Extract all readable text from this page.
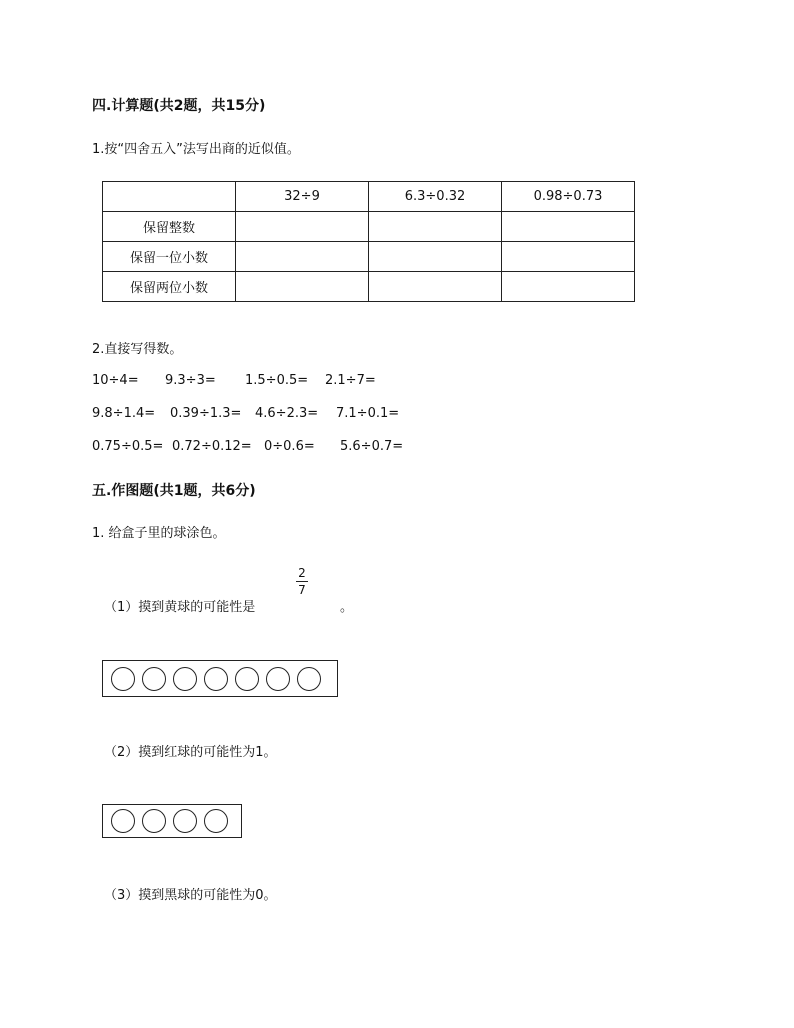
四.计算题(共2题，共15分)
1.按“四舍五入”法写出商的近似值。
	32÷9	6.3÷0.32	0.98÷0.73
保留整数			
保留一位小数			
保留两位小数			
2.直接写得数。
10÷4= 9.3÷3= 1.5÷0.5= 2.1÷7=
9.8÷1.4= 0.39÷1.3= 4.6÷2.3= 7.1÷0.1=
0.75÷0.5= 0.72÷0.12= 0÷0.6= 5.6÷0.7=
五.作图题(共1题，共6分)
1. 给盒子里的球涂色。
（1）摸到黄球的可能性是
2
7
。
（2）摸到红球的可能性为1。
（3）摸到黑球的可能性为0。
